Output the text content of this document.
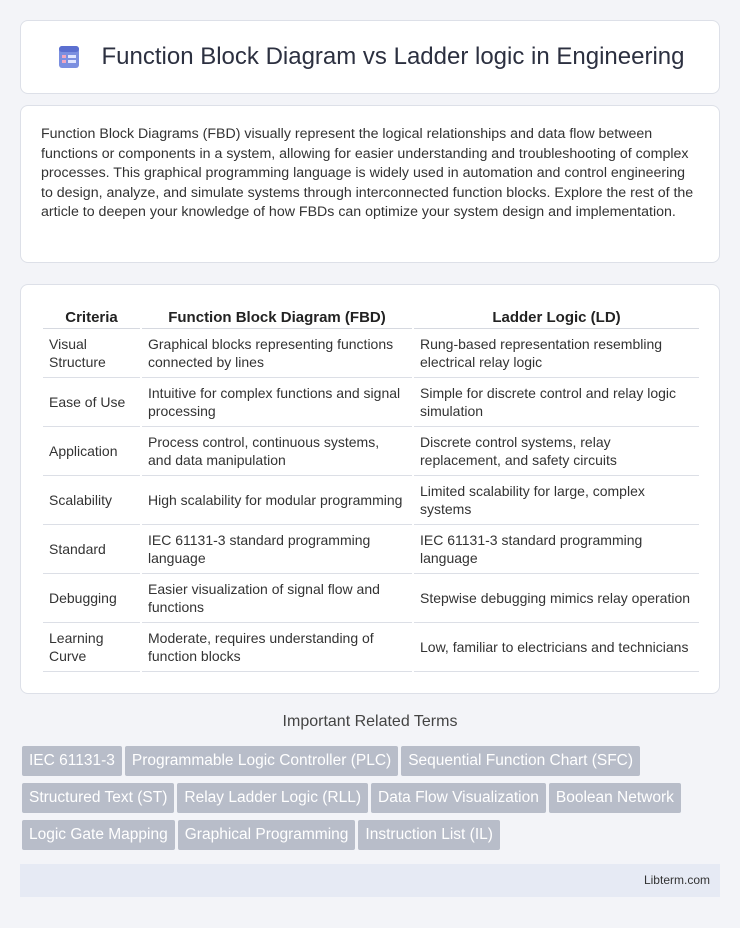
Function Block Diagram vs Ladder logic in Engineering

Function Block Diagrams (FBD) visually represent the logical relationships and data flow between functions or components in a system, allowing for easier understanding and troubleshooting of complex processes. This graphical programming language is widely used in automation and control engineering to design, analyze, and simulate systems through interconnected function blocks. Explore the rest of the article to deepen your knowledge of how FBDs can optimize your system design and implementation.

Criteria	Function Block Diagram (FBD)	Ladder Logic (LD)
Visual Structure	Graphical blocks representing functions connected by lines	Rung-based representation resembling electrical relay logic
Ease of Use	Intuitive for complex functions and signal processing	Simple for discrete control and relay logic simulation
Application	Process control, continuous systems, and data manipulation	Discrete control systems, relay replacement, and safety circuits
Scalability	High scalability for modular programming	Limited scalability for large, complex systems
Standard	IEC 61131-3 standard programming language	IEC 61131-3 standard programming language
Debugging	Easier visualization of signal flow and functions	Stepwise debugging mimics relay operation
Learning Curve	Moderate, requires understanding of function blocks	Low, familiar to electricians and technicians
Important Related Terms
IEC 61131-3 Programmable Logic Controller (PLC) Sequential Function Chart (SFC)
Structured Text (ST) Relay Ladder Logic (RLL) Data Flow Visualization Boolean Network
Logic Gate Mapping Graphical Programming Instruction List (IL)
Libterm.com
